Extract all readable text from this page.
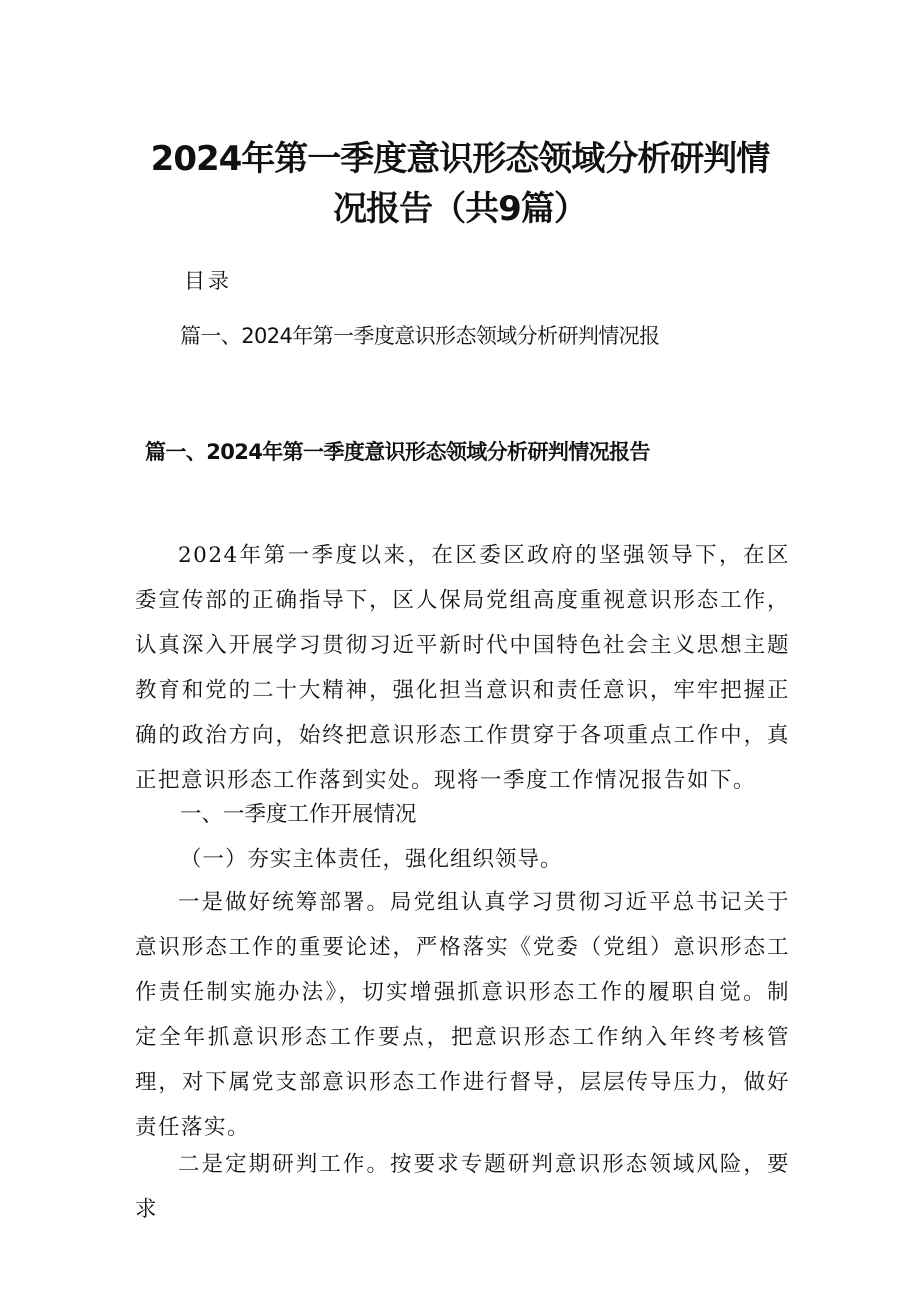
2024年第一季度意识形态领域分析研判情
况报告（共9篇）
目录
篇一、2024年第一季度意识形态领域分析研判情况报
篇一、2024年第一季度意识形态领域分析研判情况报告

2024年第一季度以来，在区委区政府的坚强领导下，在区委宣传部的正确指导下，区人保局党组高度重视意识形态工作，认真深入开展学习贯彻习近平新时代中国特色社会主义思想主题教育和党的二十大精神，强化担当意识和责任意识，牢牢把握正确的政治方向，始终把意识形态工作贯穿于各项重点工作中，真正把意识形态工作落到实处。现将一季度工作情况报告如下。

一、一季度工作开展情况
（一）夯实主体责任，强化组织领导。

一是做好统筹部署。局党组认真学习贯彻习近平总书记关于意识形态工作的重要论述，严格落实《党委（党组）意识形态工作责任制实施办法》，切实增强抓意识形态工作的履职自觉。制定全年抓意识形态工作要点，把意识形态工作纳入年终考核管理，对下属党支部意识形态工作进行督导，层层传导压力，做好责任落实。

二是定期研判工作。按要求专题研判意识形态领域风险，要求
